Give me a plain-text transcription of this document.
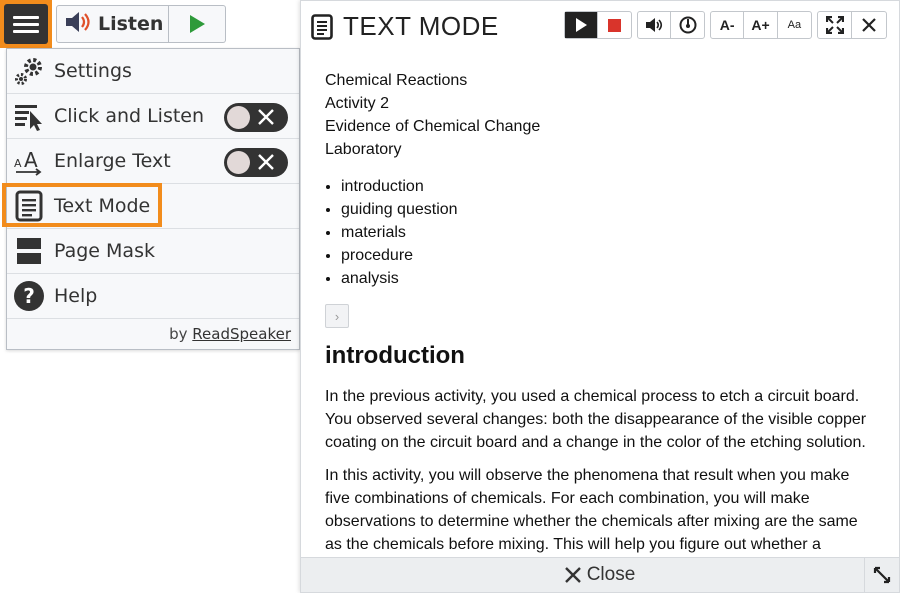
Listen
Settings
Click and Listen
A A Enlarge Text
Text Mode
Page Mask
? Help
by ReadSpeaker
TEXT MODE	A-	A+	Aa

Chemical Reactions

Activity 2

Evidence of Chemical Change

Laboratory

• introduction
• guiding question
• materials
• procedure
• analysis
›
introduction

In the previous activity, you used a chemical process to etch a circuit board. You observed several changes: both the disappearance of the visible copper coating on the circuit board and a change in the color of the etching solution.

In this activity, you will observe the phenomena that result when you make five combinations of chemicals. For each combination, you will make observations to determine whether the chemicals after mixing are the same as the chemicals before mixing. This will help you figure out whether a

Close
